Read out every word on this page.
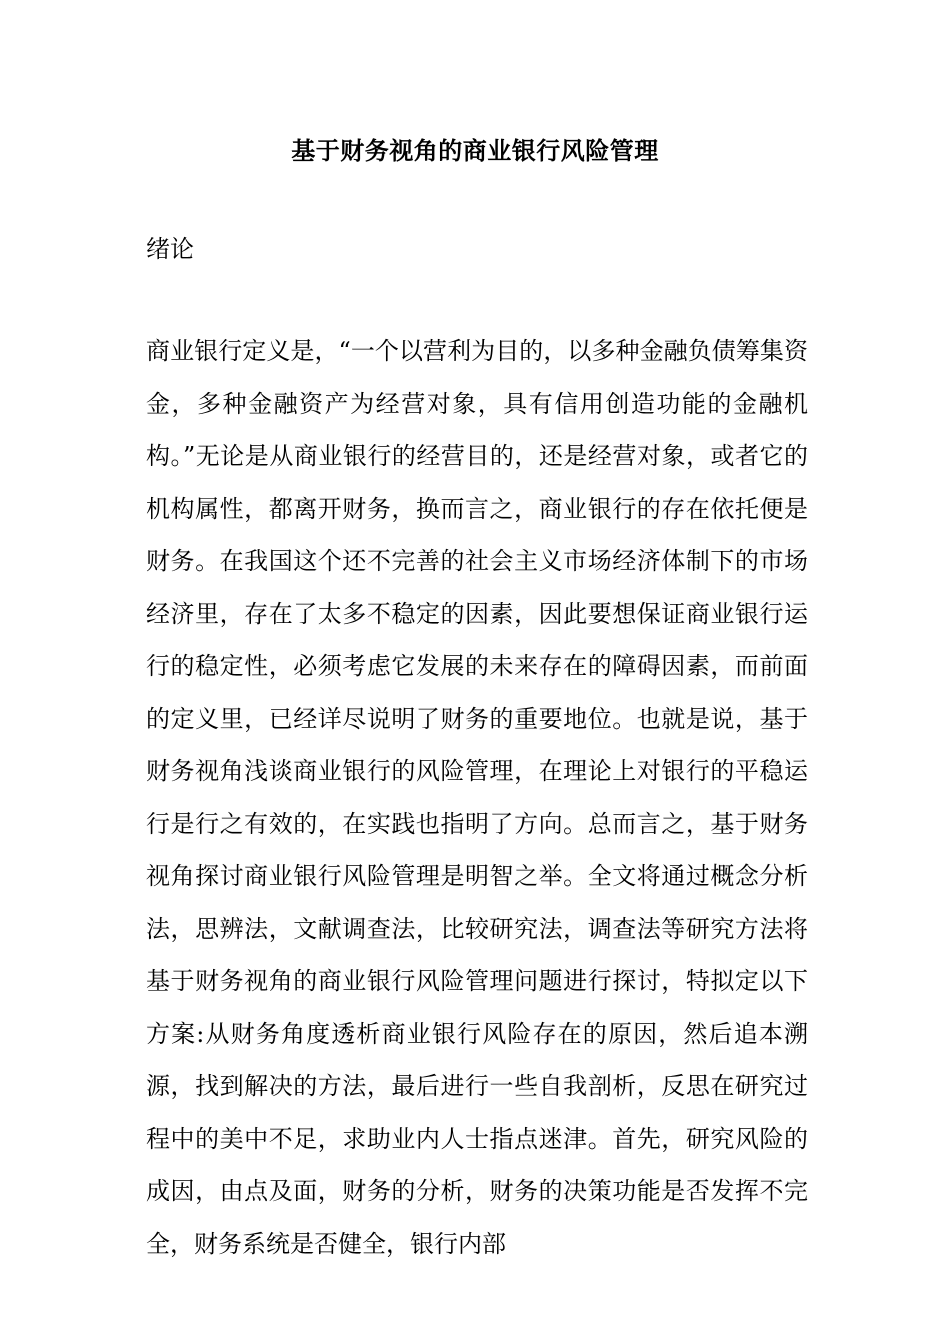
基于财务视角的商业银行风险管理
绪论

商业银行定义是，“一个以营利为目的，以多种金融负债筹集资金，多种金融资产为经营对象，具有信用创造功能的金融机构。”无论是从商业银行的经营目的，还是经营对象，或者它的机构属性，都离开财务，换而言之，商业银行的存在依托便是财务。在我国这个还不完善的社会主义市场经济体制下的市场经济里，存在了太多不稳定的因素，因此要想保证商业银行运行的稳定性，必须考虑它发展的未来存在的障碍因素，而前面的定义里，已经详尽说明了财务的重要地位。也就是说，基于财务视角浅谈商业银行的风险管理，在理论上对银行的平稳运行是行之有效的，在实践也指明了方向。总而言之，基于财务视角探讨商业银行风险管理是明智之举。全文将通过概念分析法，思辨法，文献调查法，比较研究法，调查法等研究方法将基于财务视角的商业银行风险管理问题进行探讨，特拟定以下方案:从财务角度透析商业银行风险存在的原因，然后追本溯源，找到解决的方法，最后进行一些自我剖析，反思在研究过程中的美中不足，求助业内人士指点迷津。首先，研究风险的成因，由点及面，财务的分析，财务的决策功能是否发挥不完全，财务系统是否健全，银行内部
